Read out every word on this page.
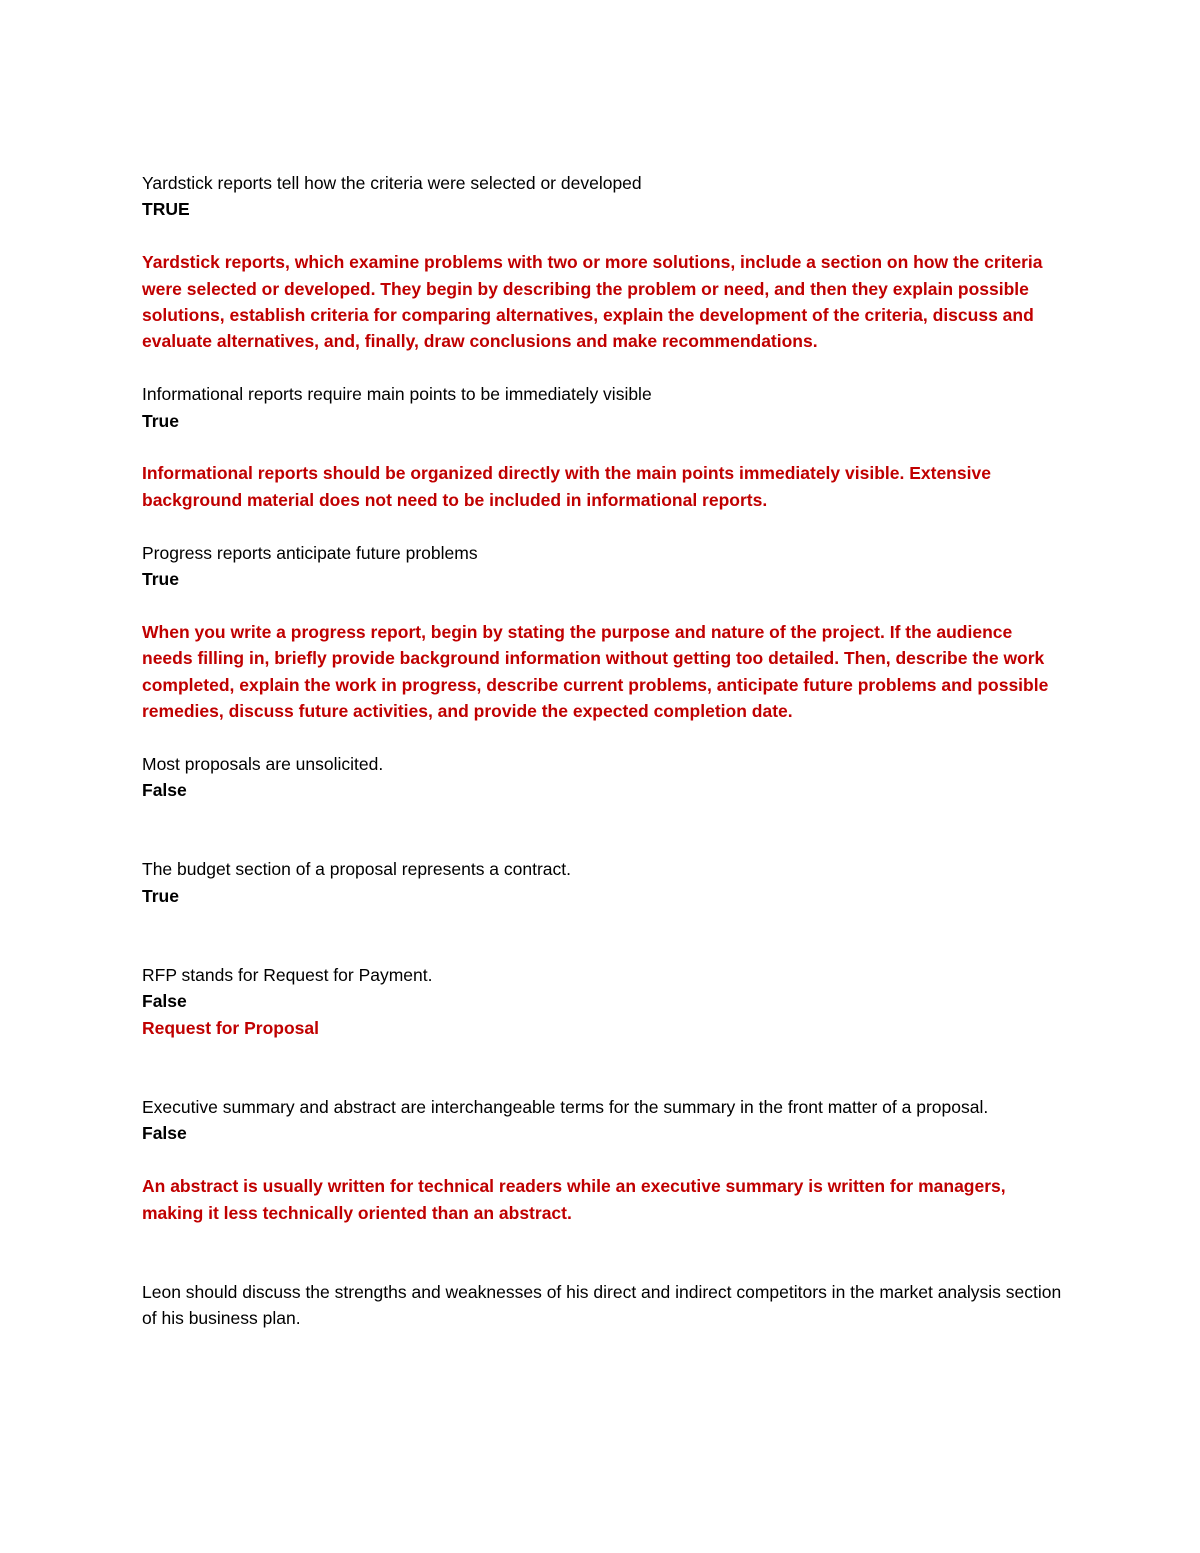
Yardstick reports tell how the criteria were selected or developed

TRUE

Yardstick reports, which examine problems with two or more solutions, include a section on how the criteria were selected or developed. They begin by describing the problem or need, and then they explain possible solutions, establish criteria for comparing alternatives, explain the development of the criteria, discuss and evaluate alternatives, and, finally, draw conclusions and make recommendations.

Informational reports require main points to be immediately visible

True

Informational reports should be organized directly with the main points immediately visible. Extensive background material does not need to be included in informational reports.

Progress reports anticipate future problems

True

When you write a progress report, begin by stating the purpose and nature of the project. If the audience needs filling in, briefly provide background information without getting too detailed. Then, describe the work completed, explain the work in progress, describe current problems, anticipate future problems and possible remedies, discuss future activities, and provide the expected completion date.

Most proposals are unsolicited.

False

The budget section of a proposal represents a contract.

True

RFP stands for Request for Payment.

False

Request for Proposal

Executive summary and abstract are interchangeable terms for the summary in the front matter of a proposal.

False

An abstract is usually written for technical readers while an executive summary is written for managers, making it less technically oriented than an abstract.

Leon should discuss the strengths and weaknesses of his direct and indirect competitors in the market analysis section of his business plan.
